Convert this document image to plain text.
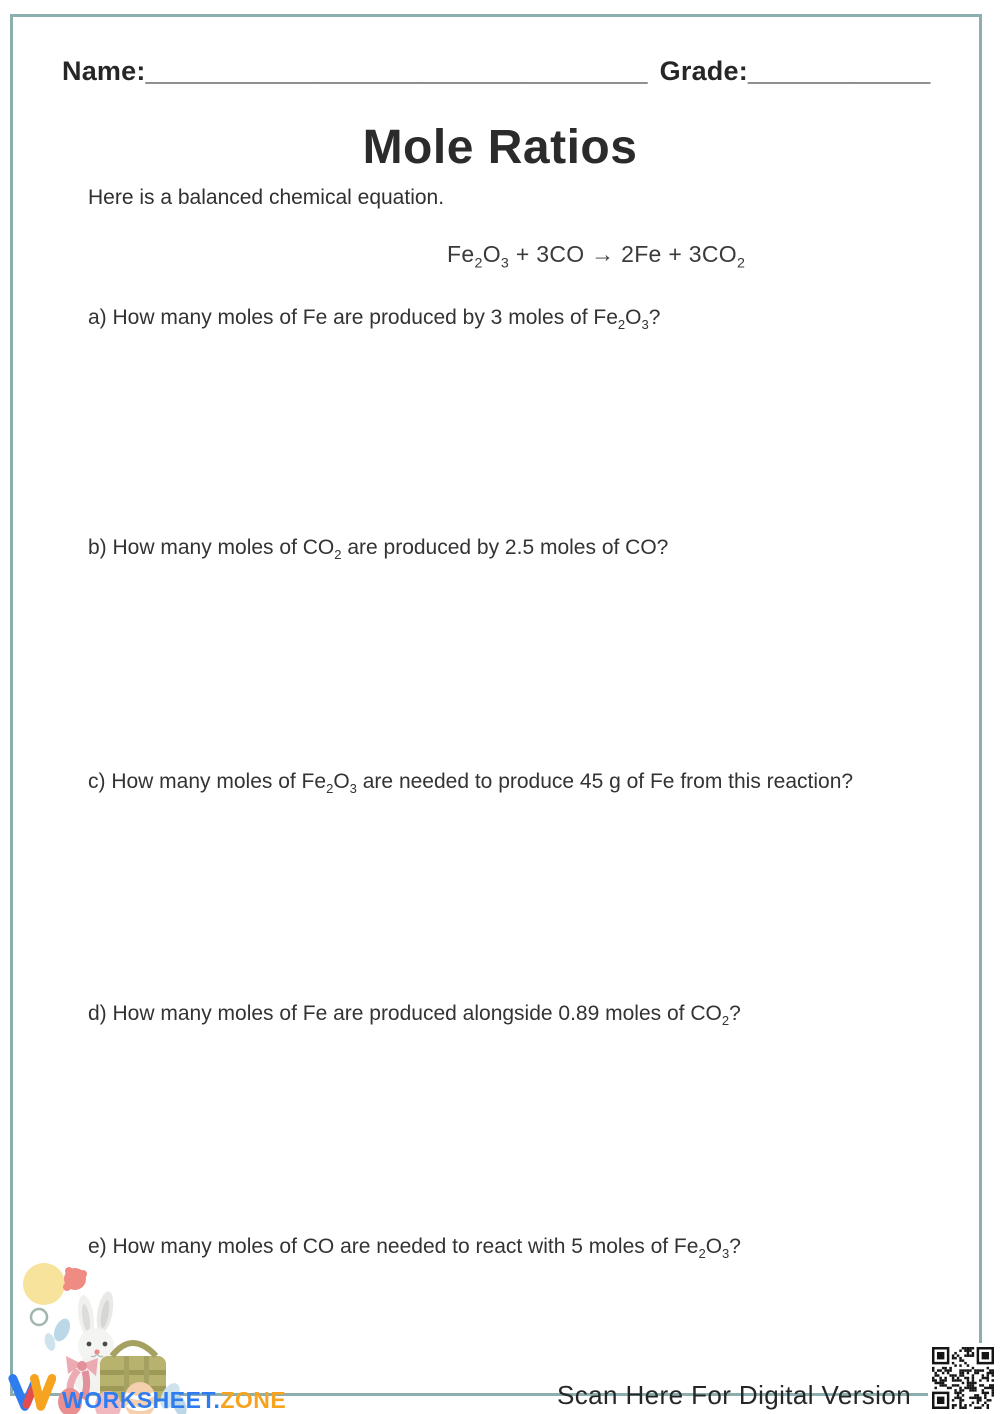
Name:_________________________________ Grade:____________
Mole Ratios

Here is a balanced chemical equation.

$Fe_2O_3 + 3CO \to 2Fe + 3CO_2$
a) How many moles of Fe are produced by 3 moles of $Fe_2O_3$?
b) How many moles of $CO_2$ are produced by 2.5 moles of CO?
c) How many moles of $Fe_2O_3$ are needed to produce 45 g of Fe from this reaction?
d) How many moles of Fe are produced alongside 0.89 moles of $CO_2$?
e) How many moles of CO are needed to react with 5 moles of $Fe_2O_3$?
WORKSHEET.ZONE	Scan Here For Digital Version
